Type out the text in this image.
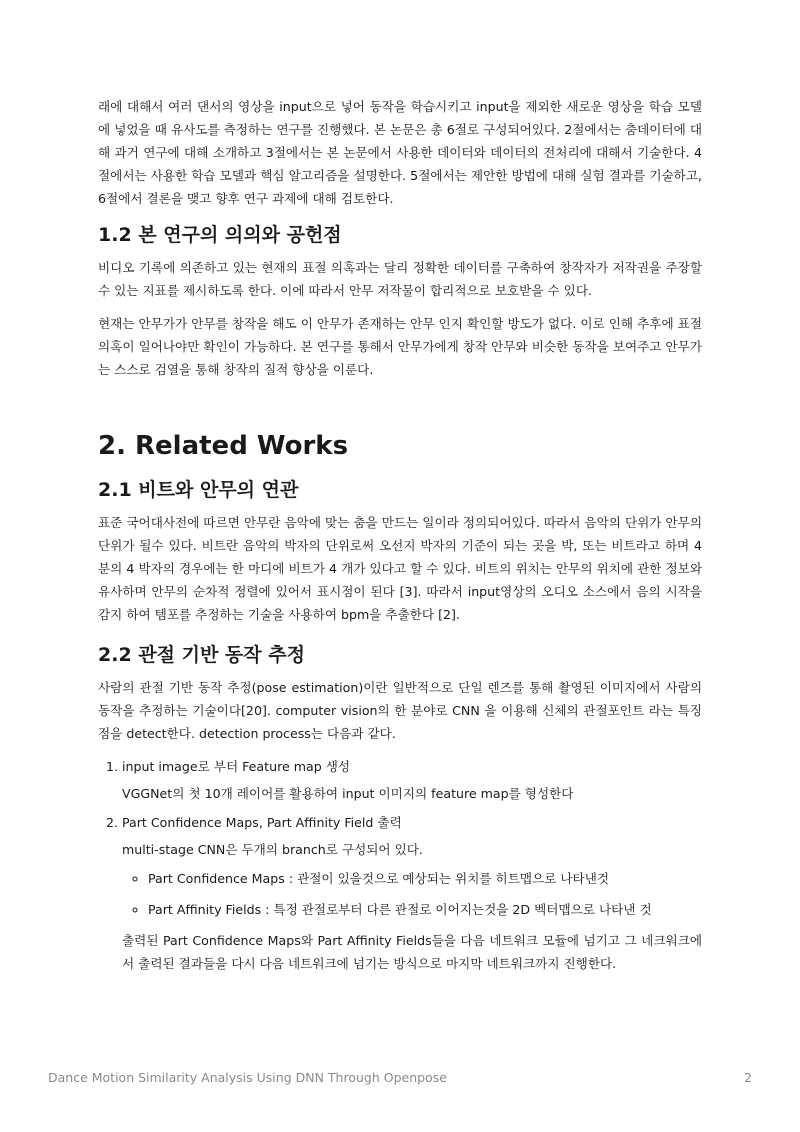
래에 대해서 여러 댄서의 영상을 input으로 넣어 동작을 학습시키고 input을 제외한 새로운 영상을 학습 모델에 넣었을 때 유사도를 측정하는 연구를 진행했다. 본 논문은 총 6절로 구성되어있다. 2절에서는 춤데이터에 대해 과거 연구에 대해 소개하고 3절에서는 본 논문에서 사용한 데이터와 데이터의 전처리에 대해서 기술한다. 4절에서는 사용한 학습 모델과 핵심 알고리즘을 설명한다. 5절에서는 제안한 방법에 대해 실험 결과를 기술하고, 6절에서 결론을 맺고 향후 연구 과제에 대해 검토한다.

1.2 본 연구의 의의와 공헌점

비디오 기록에 의존하고 있는 현재의 표절 의혹과는 달리 정확한 데이터를 구축하여 창작자가 저작권을 주장할 수 있는 지표를 제시하도록 한다. 이에 따라서 안무 저작물이 합리적으로 보호받을 수 있다.

현재는 안무가가 안무를 창작을 해도 이 안무가 존재하는 안무 인지 확인할 방도가 없다. 이로 인해 추후에 표절 의혹이 일어나야만 확인이 가능하다. 본 연구를 통해서 안무가에게 창작 안무와 비슷한 동작을 보여주고 안무가는 스스로 검열을 통해 창작의 질적 향상을 이룬다.

2. Related Works
2.1 비트와 안무의 연관

표준 국어대사전에 따르면 안무란 음악에 맞는 춤을 만드는 일이라 정의되어있다. 따라서 음악의 단위가 안무의 단위가 될수 있다. 비트란 음악의 박자의 단위로써 오선지 박자의 기준이 되는 곳을 박, 또는 비트라고 하며 4 분의 4 박자의 경우에는 한 마디에 비트가 4 개가 있다고 할 수 있다. 비트의 위치는 안무의 위치에 관한 정보와 유사하며 안무의 순차적 정렬에 있어서 표시점이 된다 [3]. 따라서 input영상의 오디오 소스에서 음의 시작을 감지 하여 템포를 추정하는 기술을 사용하여 bpm을 추출한다 [2].

2.2 관절 기반 동작 추정

사람의 관절 기반 동작 추정(pose estimation)이란 일반적으로 단일 렌즈를 통해 촬영된 이미지에서 사람의 동작을 추정하는 기술이다[20]. computer vision의 한 분야로 CNN 을 이용해 신체의 관절포인트 라는 특징점을 detect한다. detection process는 다음과 같다.

1. input image로 부터 Feature map 생성

VGGNet의 첫 10개 레이어를 활용하여 input 이미지의 feature map를 형성한다

2. Part Confidence Maps, Part Affinity Field 출력

multi-stage CNN은 두개의 branch로 구성되어 있다.

◦ Part Confidence Maps : 관절이 있을것으로 예상되는 위치를 히트맵으로 나타낸것
◦ Part Affinity Fields : 특정 관절로부터 다른 관절로 이어지는것을 2D 벡터맵으로 나타낸 것

출력된 Part Confidence Maps와 Part Affinity Fields들을 다음 네트워크 모듈에 넘기고 그 네크워크에서 출력된 결과들을 다시 다음 네트워크에 넘기는 방식으로 마지막 네트워크까지 진행한다.

Dance Motion Similarity Analysis Using DNN Through Openpose	2
